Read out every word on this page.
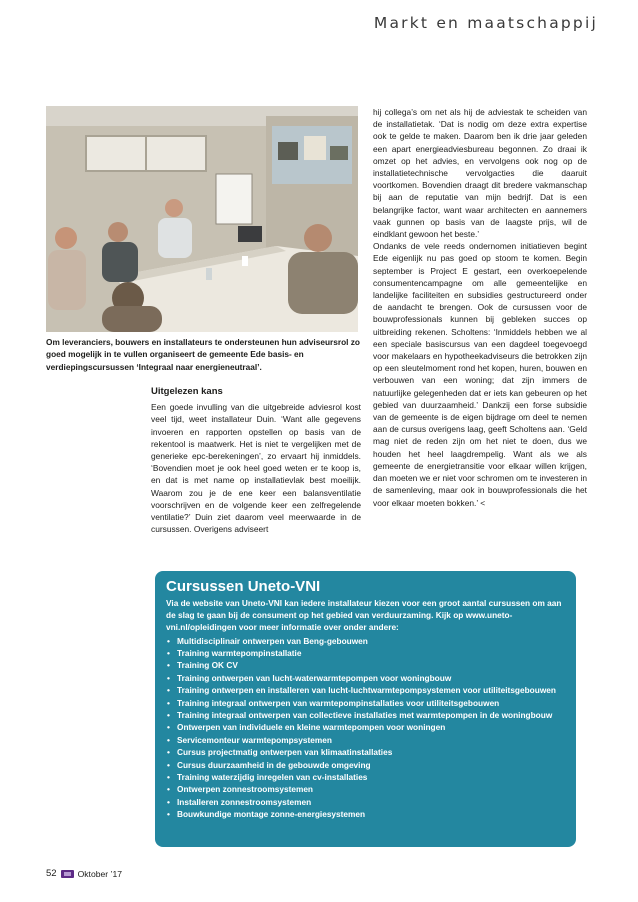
Markt en maatschappij
Om leveranciers, bouwers en installateurs te ondersteunen hun adviseursrol zo goed mogelijk in te vullen organiseert de gemeente Ede basis- en verdiepingscursussen ‘Integraal naar energieneutraal’.
Uitgelezen kans

Een goede invulling van die uitgebreide adviesrol kost veel tijd, weet installateur Duin. ‘Want alle gegevens invoeren en rapporten opstellen op basis van de rekentool is maatwerk. Het is niet te vergelijken met de generieke epc-berekeningen’, zo ervaart hij inmiddels. ‘Bovendien moet je ook heel goed weten er te koop is, en dat is met name op installatievlak best moeilijk. Waarom zou je de ene keer een balansventilatie voorschrijven en de volgende keer een zelfregelende ventilatie?’ Duin ziet daarom veel meerwaarde in de cursussen. Overigens adviseert

hij collega’s om net als hij de adviestak te scheiden van de installatietak. ‘Dat is nodig om deze extra expertise ook te gelde te maken. Daarom ben ik drie jaar geleden een apart energieadviesbureau begonnen. Zo draai ik omzet op het advies, en vervolgens ook nog op de installatietechnische vervolgacties die daaruit voortkomen. Bovendien draagt dit bredere vakmanschap bij aan de reputatie van mijn bedrijf. Dat is een belangrijke factor, want waar architecten en aannemers vaak gunnen op basis van de laagste prijs, wil de eindklant gewoon het beste.’

Ondanks de vele reeds ondernomen initiatieven begint Ede eigenlijk nu pas goed op stoom te komen. Begin september is Project E gestart, een overkoepelende consumentencampagne om alle gemeentelijke en landelijke faciliteiten en subsidies gestructureerd onder de aandacht te brengen. Ook de cursussen voor de bouwprofessionals kunnen bij gebleken succes op uitbreiding rekenen. Scholtens: ‘Inmiddels hebben we al een speciale basiscursus van een dagdeel toegevoegd voor makelaars en hypotheekadviseurs die betrokken zijn op een sleutelmoment rond het kopen, huren, bouwen en verbouwen van een woning; dat zijn immers de natuurlijke gelegenheden dat er iets kan gebeuren op het gebied van duurzaamheid.’ Dankzij een forse subsidie van de gemeente is de eigen bijdrage om deel te nemen aan de cursus overigens laag, geeft Scholtens aan. ‘Geld mag niet de reden zijn om het niet te doen, dus we houden het heel laagdrempelig. Want als we als gemeente de energietransitie voor elkaar willen krijgen, dan moeten we er niet voor schromen om te investeren in de samenleving, maar ook in bouwprofessionals die het voor elkaar moeten bokken.’ <

Cursussen Uneto-VNI
Via de website van Uneto-VNI kan iedere installateur kiezen voor een groot aantal cursussen om aan de slag te gaan bij de consument op het gebied van verduurzaming. Kijk op www.uneto-vni.nl/opleidingen voor meer informatie over onder andere:
• Multidisciplinair ontwerpen van Beng-gebouwen
• Training warmtepompinstallatie
• Training OK CV
• Training ontwerpen van lucht-waterwarmtepompen voor woningbouw
• Training ontwerpen en installeren van lucht-luchtwarmtepompsystemen voor utiliteitsgebouwen
• Training integraal ontwerpen van warmtepompinstallaties voor utiliteitsgebouwen
• Training integraal ontwerpen van collectieve installaties met warmtepompen in de woningbouw
• Ontwerpen van individuele en kleine warmtepompen voor woningen
• Servicemonteur warmtepompsystemen
• Cursus projectmatig ontwerpen van klimaatinstallaties
• Cursus duurzaamheid in de gebouwde omgeving
• Training waterzijdig inregelen van cv-installaties
• Ontwerpen zonnestroomsystemen
• Installeren zonnestroomsystemen
• Bouwkundige montage zonne-energiesystemen
52 Oktober ’17
